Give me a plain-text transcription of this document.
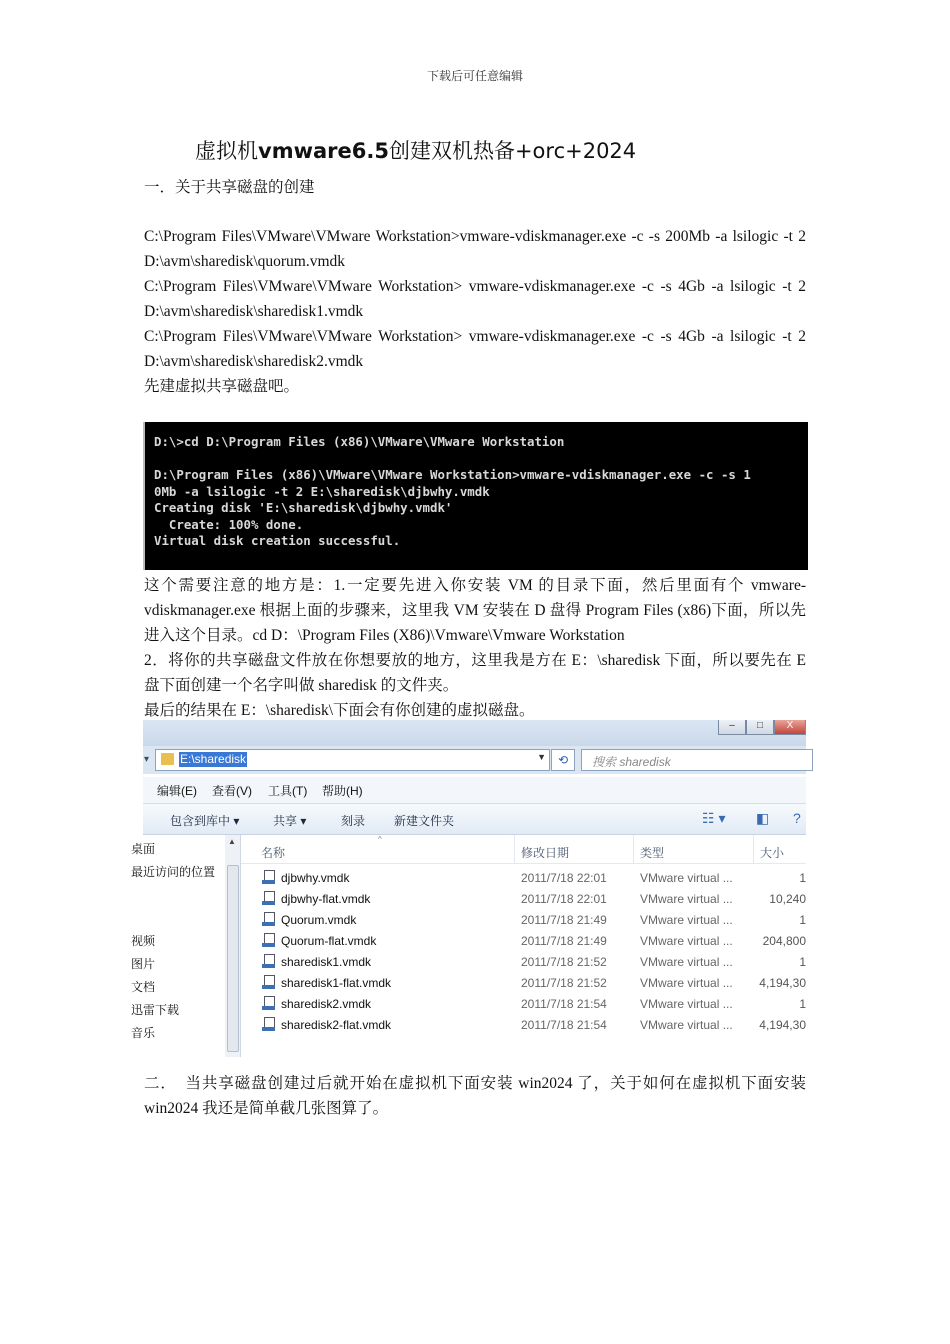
下载后可任意编辑
虚拟机vmware6.5创建双机热备+orc+2024
一．关于共享磁盘的创建

C:\Program Files\VMware\VMware Workstation>vmware-vdiskmanager.exe -c -s 200Mb -a lsilogic -t 2 D:\avm\sharedisk\quorum.vmdk

C:\Program Files\VMware\VMware Workstation> vmware-vdiskmanager.exe -c -s 4Gb -a lsilogic -t 2 D:\avm\sharedisk\sharedisk1.vmdk

C:\Program Files\VMware\VMware Workstation> vmware-vdiskmanager.exe -c -s 4Gb -a lsilogic -t 2 D:\avm\sharedisk\sharedisk2.vmdk

先建虚拟共享磁盘吧。

D:\>cd D:\Program Files (x86)\VMware\VMware Workstation

D:\Program Files (x86)\VMware\VMware Workstation>vmware-vdiskmanager.exe -c -s 1
0Mb -a lsilogic -t 2 E:\sharedisk\djbwhy.vmdk
Creating disk 'E:\sharedisk\djbwhy.vmdk'
Create: 100% done.
Virtual disk creation successful.

这个需要注意的地方是：1.一定要先进入你安装 VM 的目录下面，然后里面有个 vmware-vdiskmanager.exe 根据上面的步骤来，这里我 VM 安装在 D 盘得 Program Files (x86)下面，所以先进入这个目录。cd D：\Program Files (X86)\Vmware\Vmware Workstation

2．将你的共享磁盘文件放在你想要放的地方，这里我是方在 E：\sharedisk 下面，所以要先在 E 盘下面创建一个名字叫做 sharedisk 的文件夹。

最后的结果在 E：\sharedisk\下面会有你创建的虚拟磁盘。

–	□	X
▾	E:\sharedisk	▼ ⟲	搜索 sharedisk
编辑(E) 查看(V) 工具(T) 帮助(H)
包含到库中 ▾	共享 ▾	刻录 新建文件夹	☷ ▾ ◧ ?
桌面
最近访问的位置
视频
图片
文档
迅雷下载
音乐
▲	^
名称	修改日期	类型	大小
djbwhy.vmdk	2011/7/18 22:01	VMware virtual ...	1
djbwhy-flat.vmdk	2011/7/18 22:01	VMware virtual ...	10,240
Quorum.vmdk	2011/7/18 21:49	VMware virtual ...	1
Quorum-flat.vmdk	2011/7/18 21:49	VMware virtual ...	204,800
sharedisk1.vmdk	2011/7/18 21:52	VMware virtual ...	1
sharedisk1-flat.vmdk	2011/7/18 21:52	VMware virtual ...	4,194,30
sharedisk2.vmdk	2011/7/18 21:54	VMware virtual ...	1
sharedisk2-flat.vmdk	2011/7/18 21:54	VMware virtual ...	4,194,30
二．　当共享磁盘创建过后就开始在虚拟机下面安装 win2024 了，关于如何在虚拟机下面安装 win2024 我还是简单截几张图算了。
